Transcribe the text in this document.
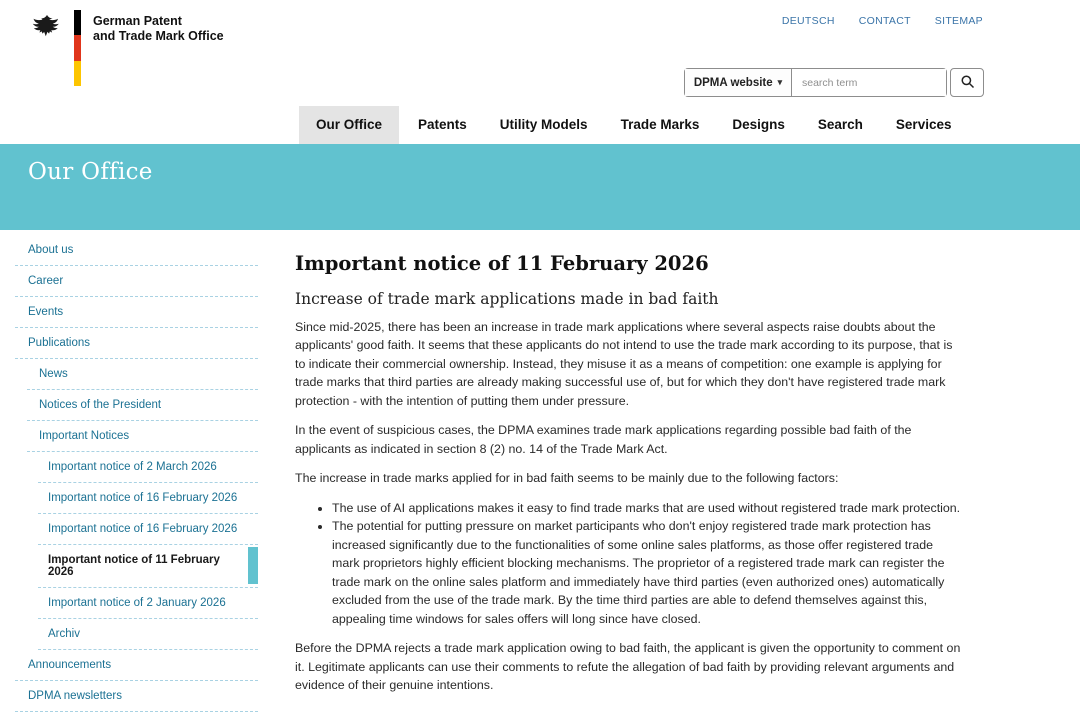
German Patent
and Trade Mark Office
DEUTSCH CONTACT SITEMAP
DPMA website ▾
search term
Our Office	Patents Utility Models Trade Marks Designs Search Services
Our Office
About us
Career
Events
Publications
News
Notices of the President
Important Notices
Important notice of 2 March 2026
Important notice of 16 February 2026
Important notice of 16 February 2026
Important notice of 11 February 2026
Important notice of 2 January 2026
Archiv
Announcements
DPMA newsletters
Important notice of 11 February 2026
Increase of trade mark applications made in bad faith

Since mid-2025, there has been an increase in trade mark applications where several aspects raise doubts about the applicants' good faith. It seems that these applicants do not intend to use the trade mark according to its purpose, that is to indicate their commercial ownership. Instead, they misuse it as a means of competition: one example is applying for trade marks that third parties are already making successful use of, but for which they don't have registered trade mark protection - with the intention of putting them under pressure.

In the event of suspicious cases, the DPMA examines trade mark applications regarding possible bad faith of the applicants as indicated in section 8 (2) no. 14 of the Trade Mark Act.

The increase in trade marks applied for in bad faith seems to be mainly due to the following factors:

• The use of AI applications makes it easy to find trade marks that are used without registered trade mark protection.
• The potential for putting pressure on market participants who don't enjoy registered trade mark protection has increased significantly due to the functionalities of some online sales platforms, as those offer registered trade mark proprietors highly efficient blocking mechanisms. The proprietor of a registered trade mark can register the trade mark on the online sales platform and immediately have third parties (even authorized ones) automatically excluded from the use of the trade mark. By the time third parties are able to defend themselves against this, appealing time windows for sales offers will long since have closed.

Before the DPMA rejects a trade mark application owing to bad faith, the applicant is given the opportunity to comment on it. Legitimate applicants can use their comments to refute the allegation of bad faith by providing relevant arguments and evidence of their genuine intentions.
